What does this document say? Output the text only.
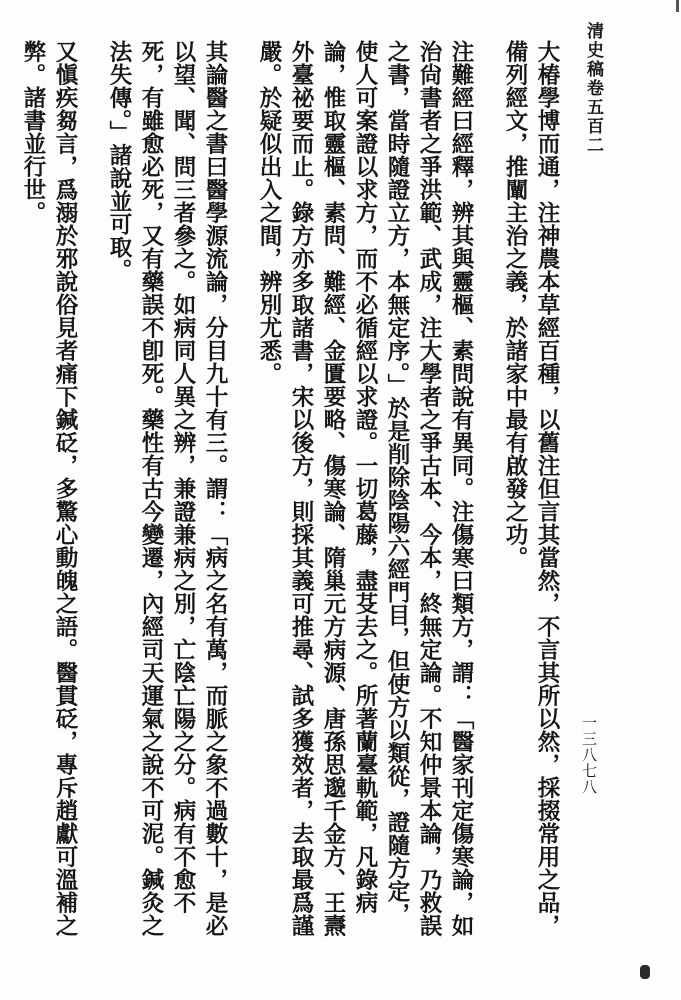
清史稿卷五百二
一三八七八

大椿學博而通，注神農本草經百種，以舊注但言其當然，不言其所以然，採掇常用之品，備列經文，推闡主治之義，於諸家中最有啟發之功。

注難經曰經釋，辨其與靈樞、素問說有異同。注傷寒曰類方，謂：「醫家刊定傷寒論，如治尙書者之爭洪範、武成，注大學者之爭古本、今本，終無定論。不知仲景本論，乃救誤之書，當時隨證立方，本無定序。」於是削除陰陽六經門目，但使方以類從，證隨方定，使人可案證以求方，而不必循經以求證。一切葛藤，盡芟去之。所著蘭臺軌範，凡錄病論，惟取靈樞、素問、難經、金匱要略、傷寒論、隋巢元方病源、唐孫思邈千金方、王燾外臺祕要而止。錄方亦多取諸書，宋以後方，則採其義可推尋、試多獲效者，去取最爲謹嚴。於疑似出入之間，辨別尤悉。

其論醫之書曰醫學源流論，分目九十有三。謂：「病之名有萬，而脈之象不過數十，是必以望、聞、問三者參之。如病同人異之辨，兼證兼病之別，亡陰亡陽之分。病有不愈不死，有雖愈必死，又有藥誤不卽死。藥性有古今變遷，內經司天運氣之說不可泥。鍼灸之法失傳。」諸說並可取。

又愼疾芻言，爲溺於邪說俗見者痛下鍼砭，多驚心動魄之語。醫貫砭，專斥趙獻可溫補之弊。諸書並行世。
